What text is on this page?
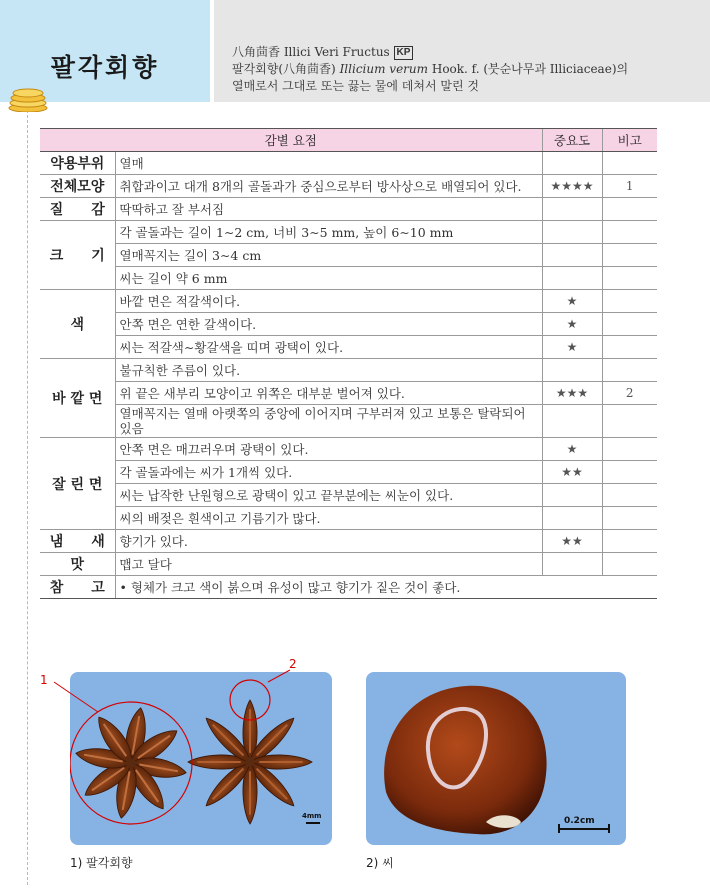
팔각회향
八角茴香 Illici Veri Fructus KP
팔각회향(八角茴香) Illicium verum Hook. f. (붓순나무과 Illiciaceae)의
열매로서 그대로 또는 끓는 물에 데쳐서 말린 것
감별 요점		중요도	비고
약용부위	열매		
전체모양	취합과이고 대개 8개의 골돌과가 중심으로부터 방사상으로 배열되어 있다.	★★★★	1
질　　감	딱딱하고 잘 부서짐		
크　　기	각 골돌과는 길이 1∼2 cm, 너비 3∼5 mm, 높이 6∼10 mm		
	열매꼭지는 길이 3∼4 cm		
	씨는 길이 약 6 mm		
색	바깥 면은 적갈색이다.	★	
	안쪽 면은 연한 갈색이다.	★	
	씨는 적갈색∼황갈색을 띠며 광택이 있다.	★	
바 깥 면	불규칙한 주름이 있다.		
	위 끝은 새부리 모양이고 위쪽은 대부분 벌어져 있다.	★★★	2
	열매꼭지는 열매 아랫쪽의 중앙에 이어지며 구부러져 있고 보통은 탈락되어 있음		
잘 린 면	안쪽 면은 매끄러우며 광택이 있다.	★	
	각 골돌과에는 씨가 1개씩 있다.	★★	
	씨는 납작한 난원형으로 광택이 있고 끝부분에는 씨눈이 있다.		
	씨의 배젖은 흰색이고 기름기가 많다.		
냄　　새	향기가 있다.	★★	
맛	맵고 달다		
참　　고	• 형체가 크고 색이 붉으며 유성이 많고 향기가 짙은 것이 좋다.		
4mm
1
2
1) 팔각회향
0.2cm
2) 씨
